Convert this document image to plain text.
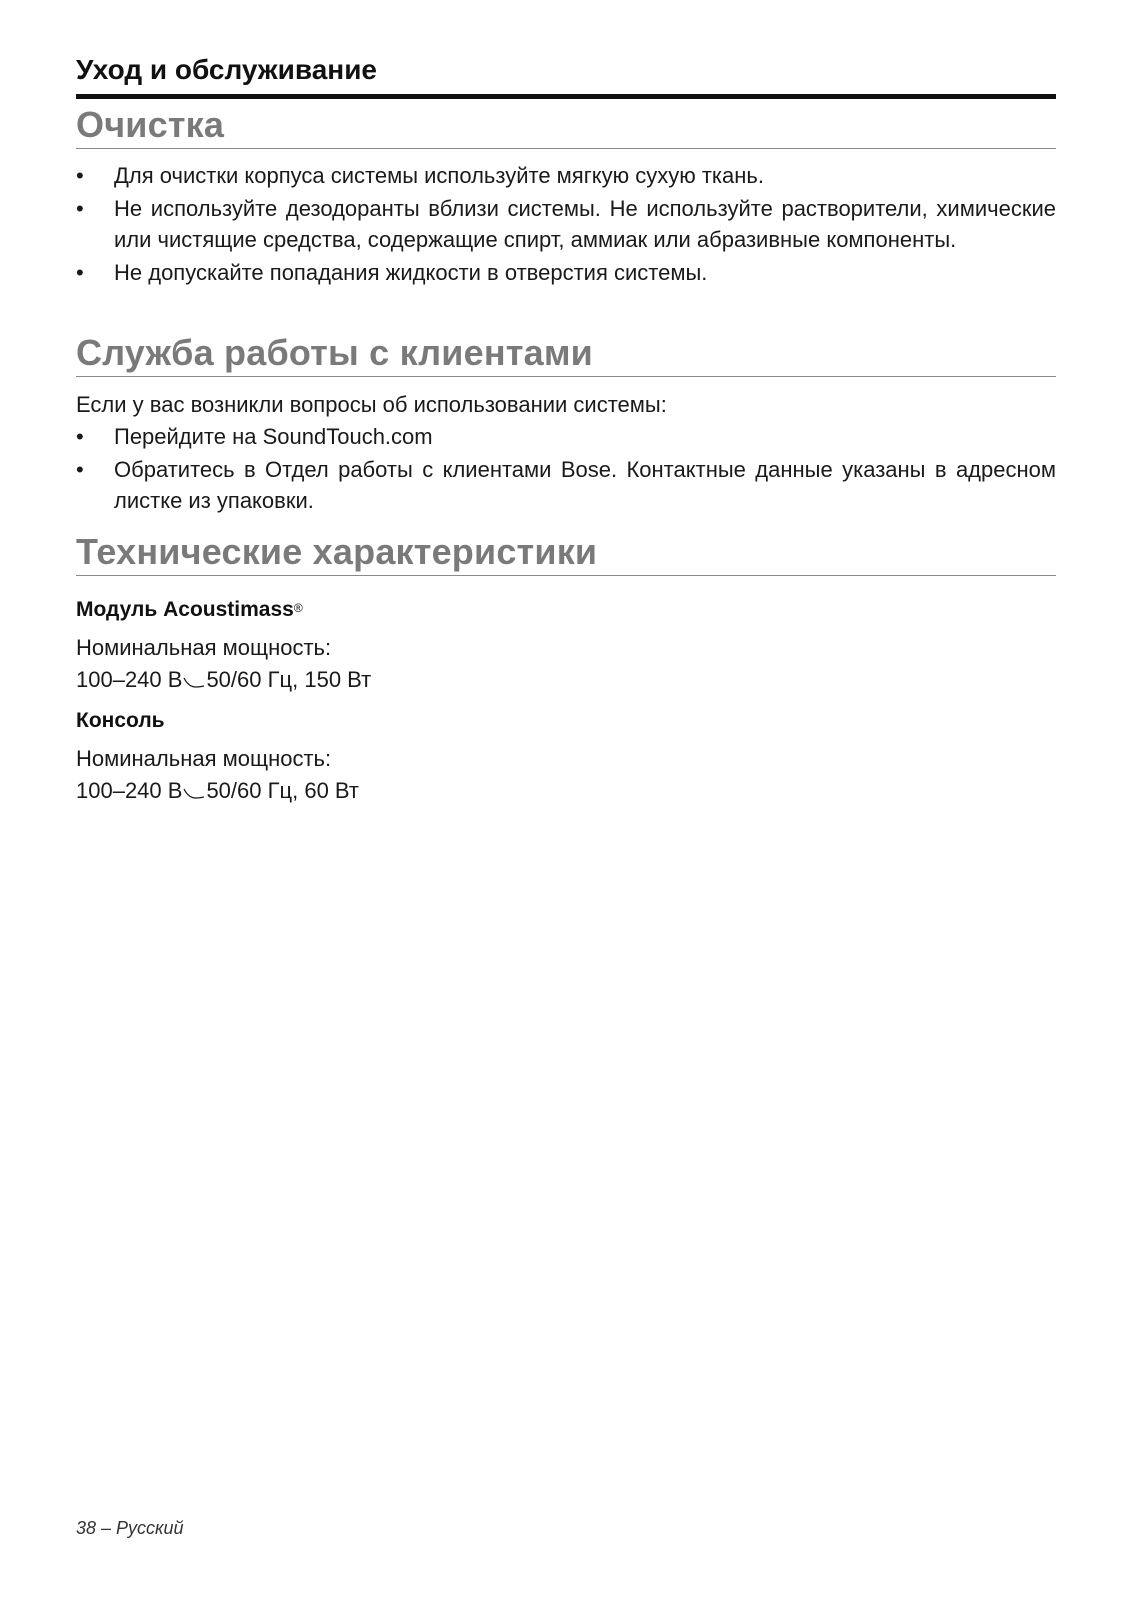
Уход и обслуживание
Очистка
•	Для очистки корпуса системы используйте мягкую сухую ткань.
•	Не используйте дезодоранты вблизи системы. Не используйте растворители, химические или чистящие средства, содержащие спирт, аммиак или абразивные компоненты.
•	Не допускайте попадания жидкости в отверстия системы.
Служба работы с клиентами

Если у вас возникли вопросы об использовании системы:

•	Перейдите на SoundTouch.com
•	Обратитесь в Отдел работы с клиентами Bose. Контактные данные указаны в адресном листке из упаковки.
Технические характеристики
Модуль Acoustimass®

Номинальная мощность:

100–240 В 50/60 Гц, 150 Вт

Консоль

Номинальная мощность:

100–240 В 50/60 Гц, 60 Вт

38 – Русский
